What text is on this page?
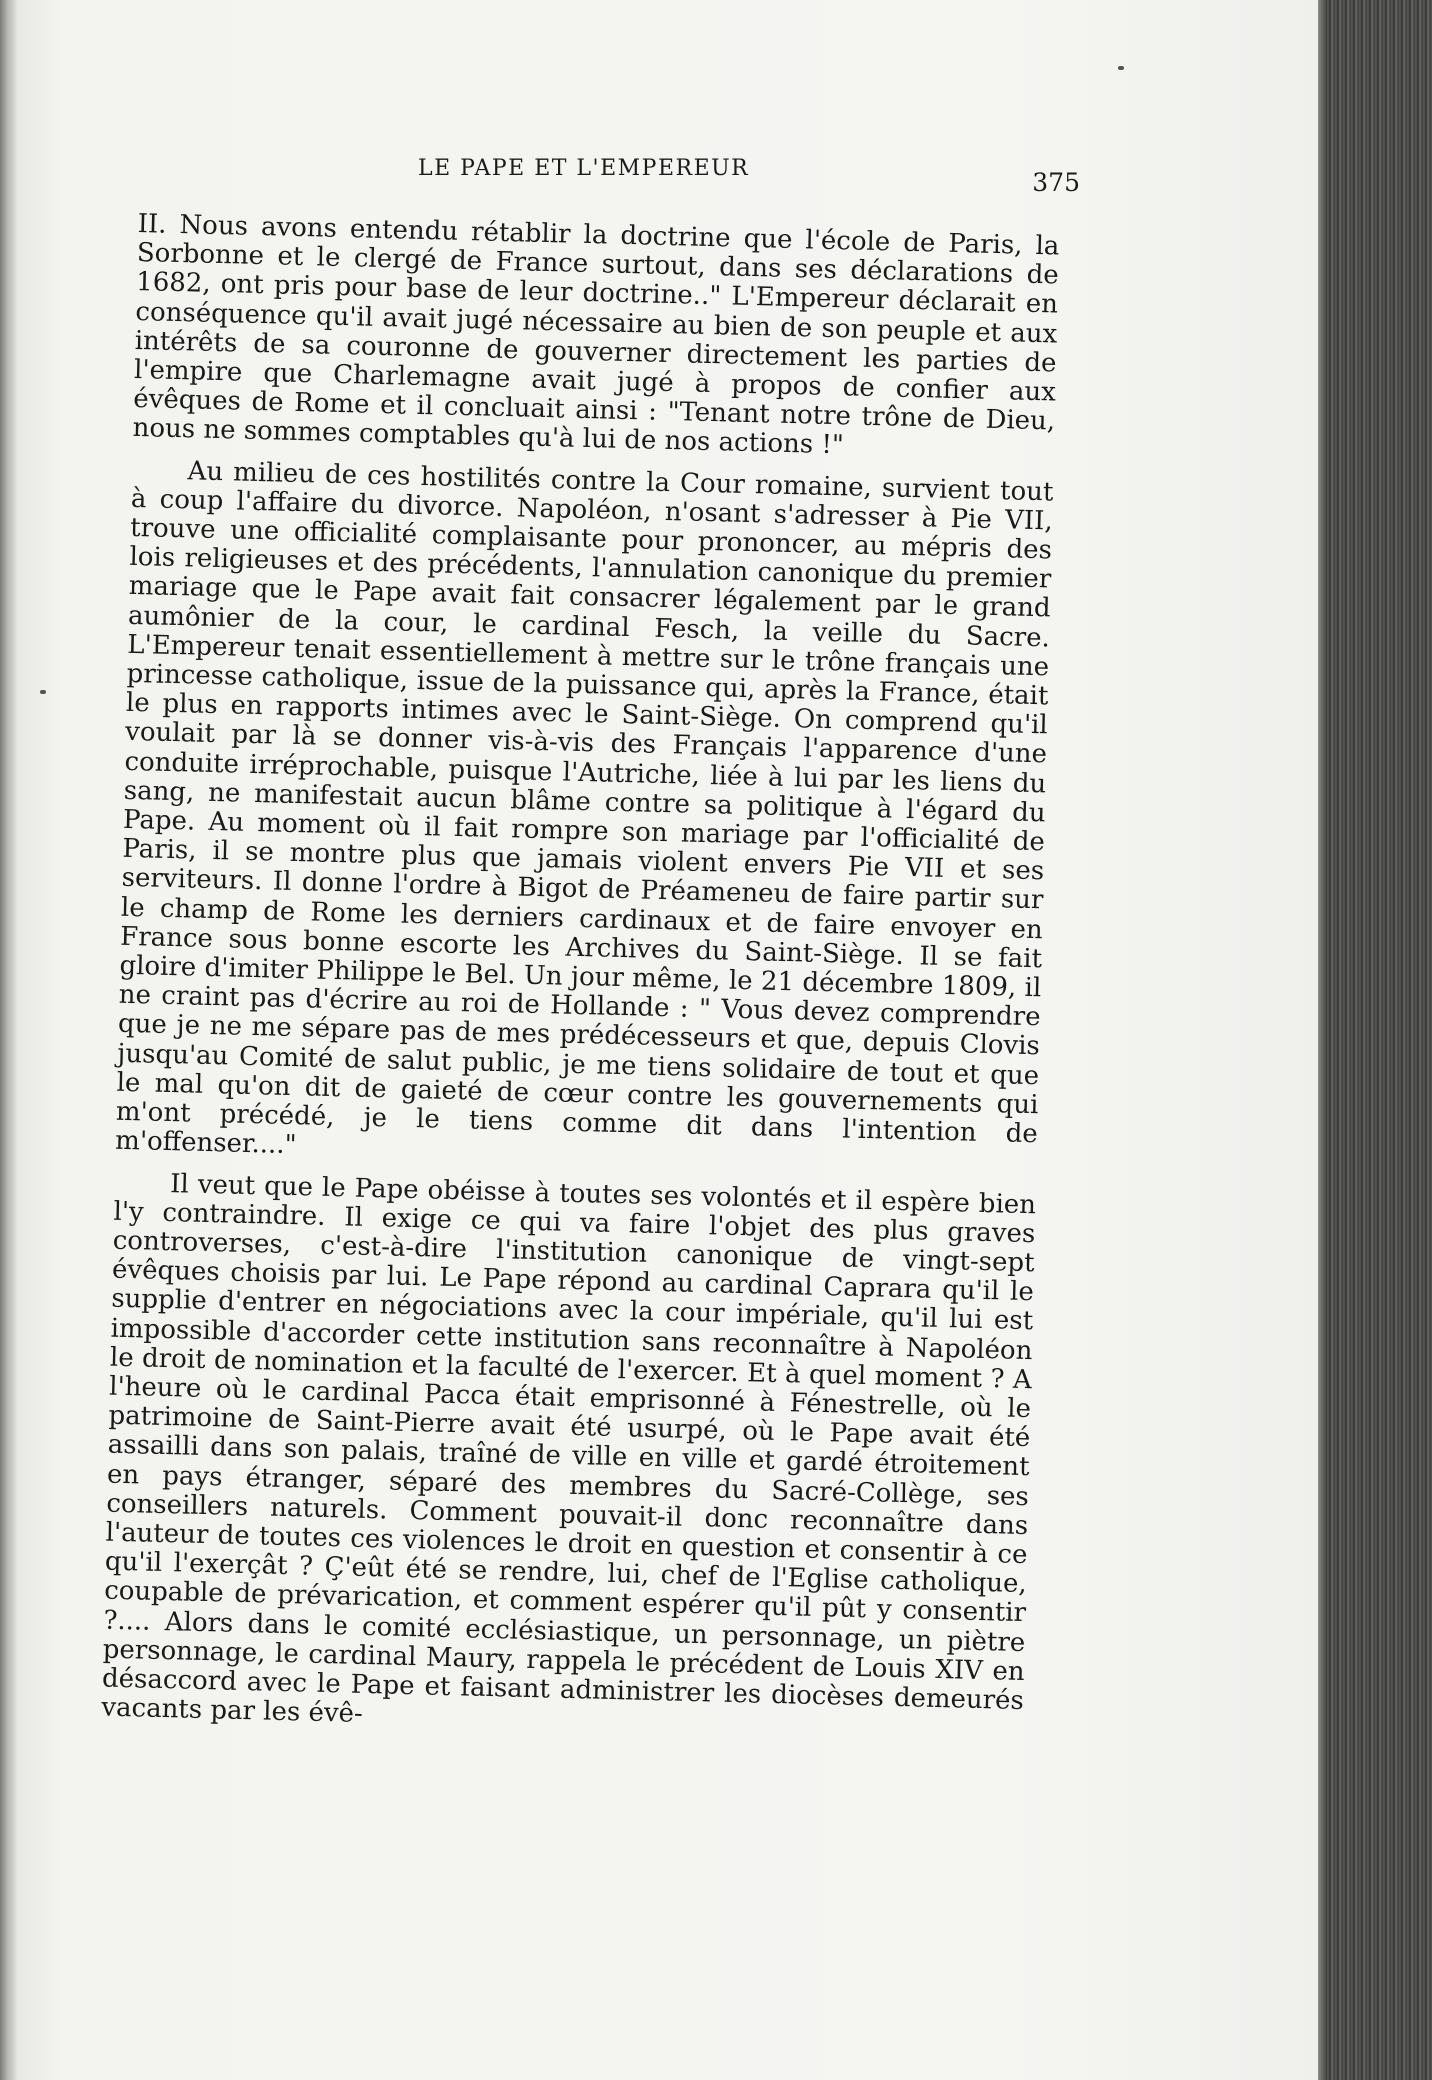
LE PAPE ET L'EMPEREUR	375

II. Nous avons entendu rétablir la doctrine que l'école de Paris, la Sorbonne et le clergé de France surtout, dans ses déclarations de 1682, ont pris pour base de leur doctrine.." L'Empereur déclarait en conséquence qu'il avait jugé nécessaire au bien de son peuple et aux intérêts de sa couronne de gouverner directement les parties de l'empire que Charlemagne avait jugé à propos de confier aux évêques de Rome et il concluait ainsi : "Tenant notre trône de Dieu, nous ne sommes comptables qu'à lui de nos actions !"

Au milieu de ces hostilités contre la Cour romaine, survient tout à coup l'affaire du divorce. Napoléon, n'osant s'adresser à Pie VII, trouve une officialité complaisante pour prononcer, au mépris des lois religieuses et des précédents, l'annulation canonique du premier mariage que le Pape avait fait consacrer légalement par le grand aumônier de la cour, le cardinal Fesch, la veille du Sacre. L'Empereur tenait essentiellement à mettre sur le trône français une princesse catholique, issue de la puissance qui, après la France, était le plus en rapports intimes avec le Saint-Siège. On comprend qu'il voulait par là se donner vis-à-vis des Français l'apparence d'une conduite irréprochable, puisque l'Autriche, liée à lui par les liens du sang, ne manifestait aucun blâme contre sa politique à l'égard du Pape. Au moment où il fait rompre son mariage par l'officialité de Paris, il se montre plus que jamais violent envers Pie VII et ses serviteurs. Il donne l'ordre à Bigot de Préameneu de faire partir sur le champ de Rome les derniers cardinaux et de faire envoyer en France sous bonne escorte les Archives du Saint-Siège. Il se fait gloire d'imiter Philippe le Bel. Un jour même, le 21 décembre 1809, il ne craint pas d'écrire au roi de Hollande : " Vous devez comprendre que je ne me sépare pas de mes prédécesseurs et que, depuis Clovis jusqu'au Comité de salut public, je me tiens solidaire de tout et que le mal qu'on dit de gaieté de cœur contre les gouvernements qui m'ont précédé, je le tiens comme dit dans l'intention de m'offenser...."

Il veut que le Pape obéisse à toutes ses volontés et il espère bien l'y contraindre. Il exige ce qui va faire l'objet des plus graves controverses, c'est-à-dire l'institution canonique de vingt-sept évêques choisis par lui. Le Pape répond au cardinal Caprara qu'il le supplie d'entrer en négociations avec la cour impériale, qu'il lui est impossible d'accorder cette institution sans reconnaître à Napoléon le droit de nomination et la faculté de l'exercer. Et à quel moment ? A l'heure où le cardinal Pacca était emprisonné à Fénestrelle, où le patrimoine de Saint-Pierre avait été usurpé, où le Pape avait été assailli dans son palais, traîné de ville en ville et gardé étroitement en pays étranger, séparé des membres du Sacré-Collège, ses conseillers naturels. Comment pouvait-il donc reconnaître dans l'auteur de toutes ces violences le droit en question et consentir à ce qu'il l'exerçât ? Ç'eût été se rendre, lui, chef de l'Eglise catholique, coupable de prévarication, et comment espérer qu'il pût y consentir ?.... Alors dans le comité ecclésiastique, un personnage, un piètre personnage, le cardinal Maury, rappela le précédent de Louis XIV en désaccord avec le Pape et faisant administrer les diocèses demeurés vacants par les évê-
